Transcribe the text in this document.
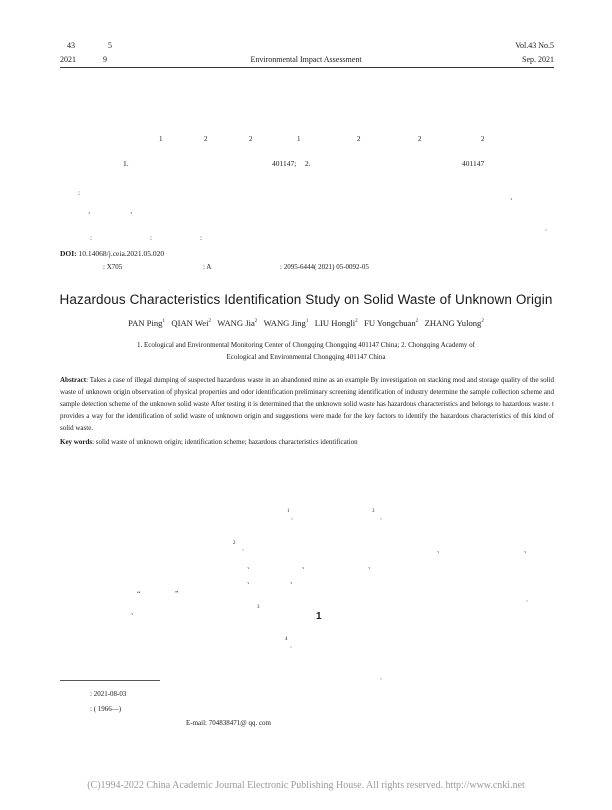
43	5
2021	9	Environmental Impact Assessment
Vol.43 No.5
Sep. 2021
1	2	2	1	2	2	2
1.	401147; 2.	401147
:	、
、	、
。
:	:	:
DOI: 10.14068/j.ceia.2021.05.020
: X705	: A	: 2095-6444( 2021) 05-0092-05
Hazardous Characteristics Identification Study on Solid Waste of Unknown Origin
PAN Ping$^1$ QIAN Wei$^2$ WANG Jia$^2$ WANG Jing$^1$ LIU Hongli$^2$ FU Yongchuan$^2$ ZHANG Yulong$^2$
1. Ecological and Environmental Monitoring Center of Chongqing Chongqing 401147 China; 2. Chongqing Academy of
Ecological and Environmental Chongqing 401147 China
Abstract: Takes a case of illegal dumping of suspected hazardous waste in an abandoned mine as an example By investigation on stacking mod and storage quality of the solid waste of unknown origin observation of physical properties and odor identification preliminary screening identification of industry determine the sample collection scheme and sample detection scheme of the unknown solid waste After testing it is determined that the unknown solid waste has hazardous characteristics and belongs to hazardous waste. t provides a way for the identification of solid waste of unknown origin and suggestions were made for the key factors to identify the hazardous characteristics of this kind of solid waste.
Key words: solid waste of unknown origin; identification scheme; hazardous characteristics identification
1
。
3
。
2
。	、	、
、	、	、
、	、
“	”
。
3
、	1
4
。
。
: 2021-08-03
: ( 1966—)
E-mail: 704838471@ qq. com
(C)1994-2022 China Academic Journal Electronic Publishing House. All rights reserved. http://www.cnki.net
